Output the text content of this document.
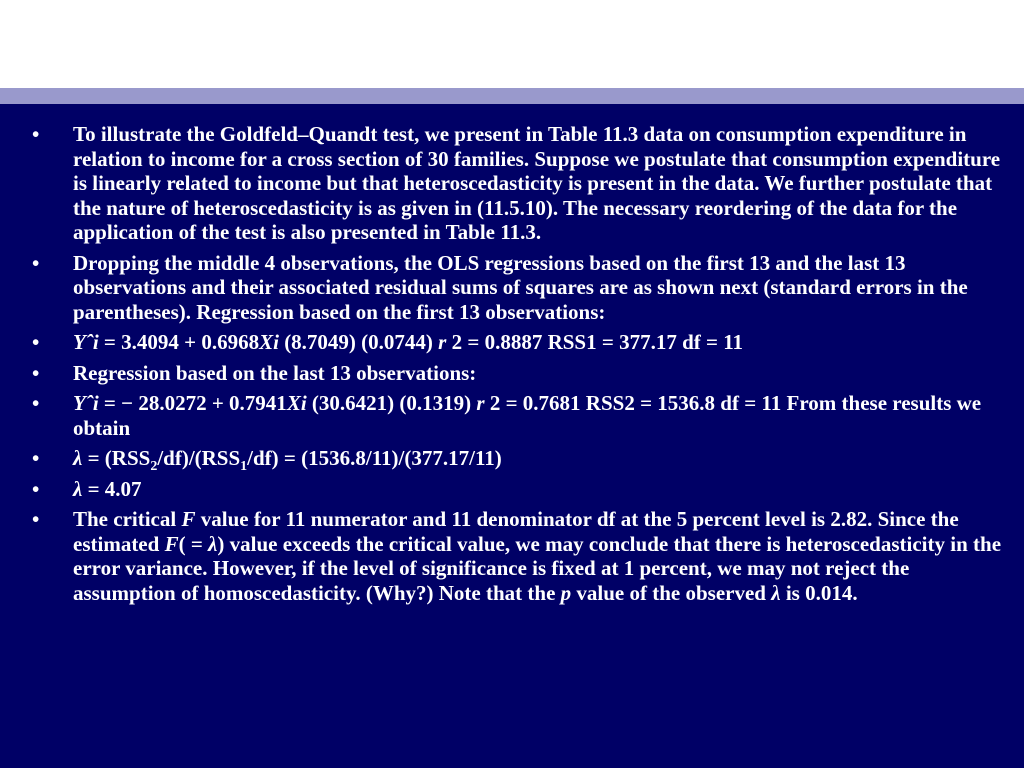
• To illustrate the Goldfeld–Quandt test, we present in Table 11.3 data on consumption expenditure in relation to income for a cross section of 30 families. Suppose we postulate that consumption expenditure is linearly related to income but that heteroscedasticity is present in the data. We further postulate that the nature of heteroscedasticity is as given in (11.5.10). The necessary reordering of the data for the application of the test is also presented in Table 11.3.
• Dropping the middle 4 observations, the OLS regressions based on the first 13 and the last 13 observations and their associated residual sums of squares are as shown next (standard errors in the parentheses). Regression based on the first 13 observations:
• Yˆi = 3.4094 + 0.6968Xi (8.7049) (0.0744) r 2 = 0.8887 RSS1 = 377.17 df = 11
• Regression based on the last 13 observations:
• Yˆi = − 28.0272 + 0.7941Xi (30.6421) (0.1319) r 2 = 0.7681 RSS2 = 1536.8 df = 11 From these results we obtain
• $\lambda = (RSS_2/df)/(RSS_1/df) = (1536.8/11)/(377.17/11)$
• λ = 4.07
• The critical F value for 11 numerator and 11 denominator df at the 5 percent level is 2.82. Since the estimated F( = λ) value exceeds the critical value, we may conclude that there is heteroscedasticity in the error variance. However, if the level of significance is fixed at 1 percent, we may not reject the assumption of homoscedasticity. (Why?) Note that the p value of the observed λ is 0.014.
